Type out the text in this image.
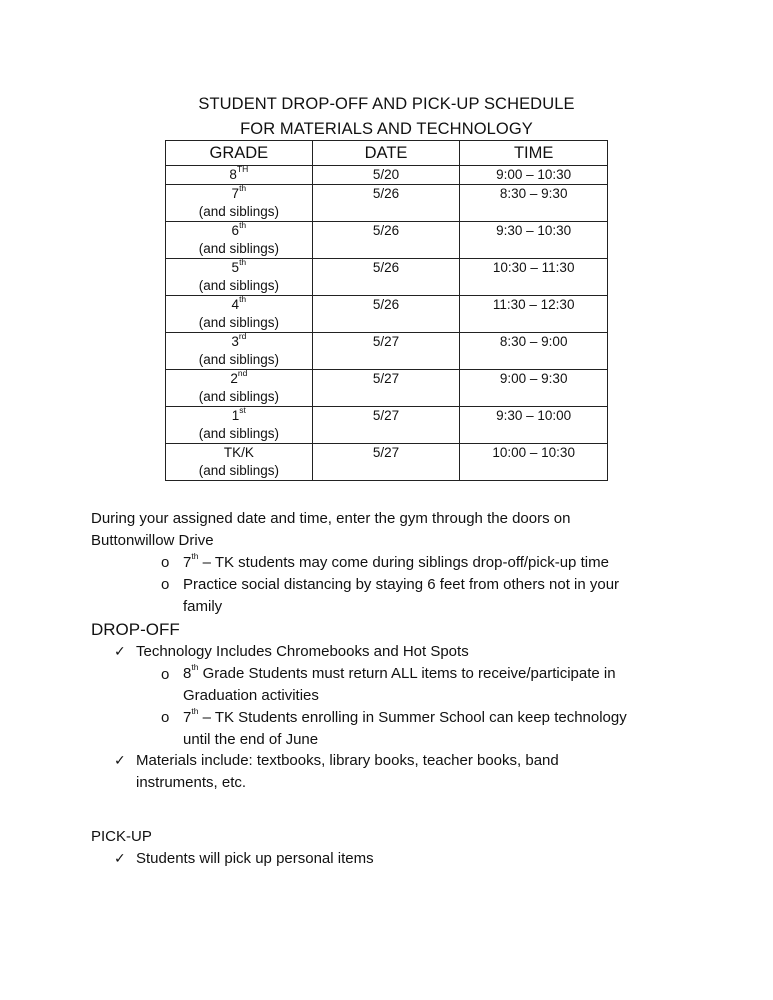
STUDENT DROP-OFF AND PICK-UP SCHEDULE
FOR MATERIALS AND TECHNOLOGY
GRADE	DATE	TIME

8TH	5/20	9:00 – 10:30

7th
(and siblings)	5/26	8:30 – 9:30

6th
(and siblings)	5/26	9:30 – 10:30

5th
(and siblings)	5/26	10:30 – 11:30

4th
(and siblings)	5/26	11:30 – 12:30

3rd
(and siblings)	5/27	8:30 – 9:00

2nd
(and siblings)	5/27	9:00 – 9:30

1st
(and siblings)	5/27	9:30 – 10:00

TK/K
(and siblings)	5/27	10:00 – 10:30
During your assigned date and time, enter the gym through the doors on
Buttonwillow Drive
o 7th – TK students may come during siblings drop-off/pick-up time
o Practice social distancing by staying 6 feet from others not in your
family
DROP-OFF
✓ Technology Includes Chromebooks and Hot Spots
o 8th Grade Students must return ALL items to receive/participate in
Graduation activities
o 7th – TK Students enrolling in Summer School can keep technology
until the end of June
✓ Materials include: textbooks, library books, teacher books, band
instruments, etc.
PICK-UP
✓ Students will pick up personal items
